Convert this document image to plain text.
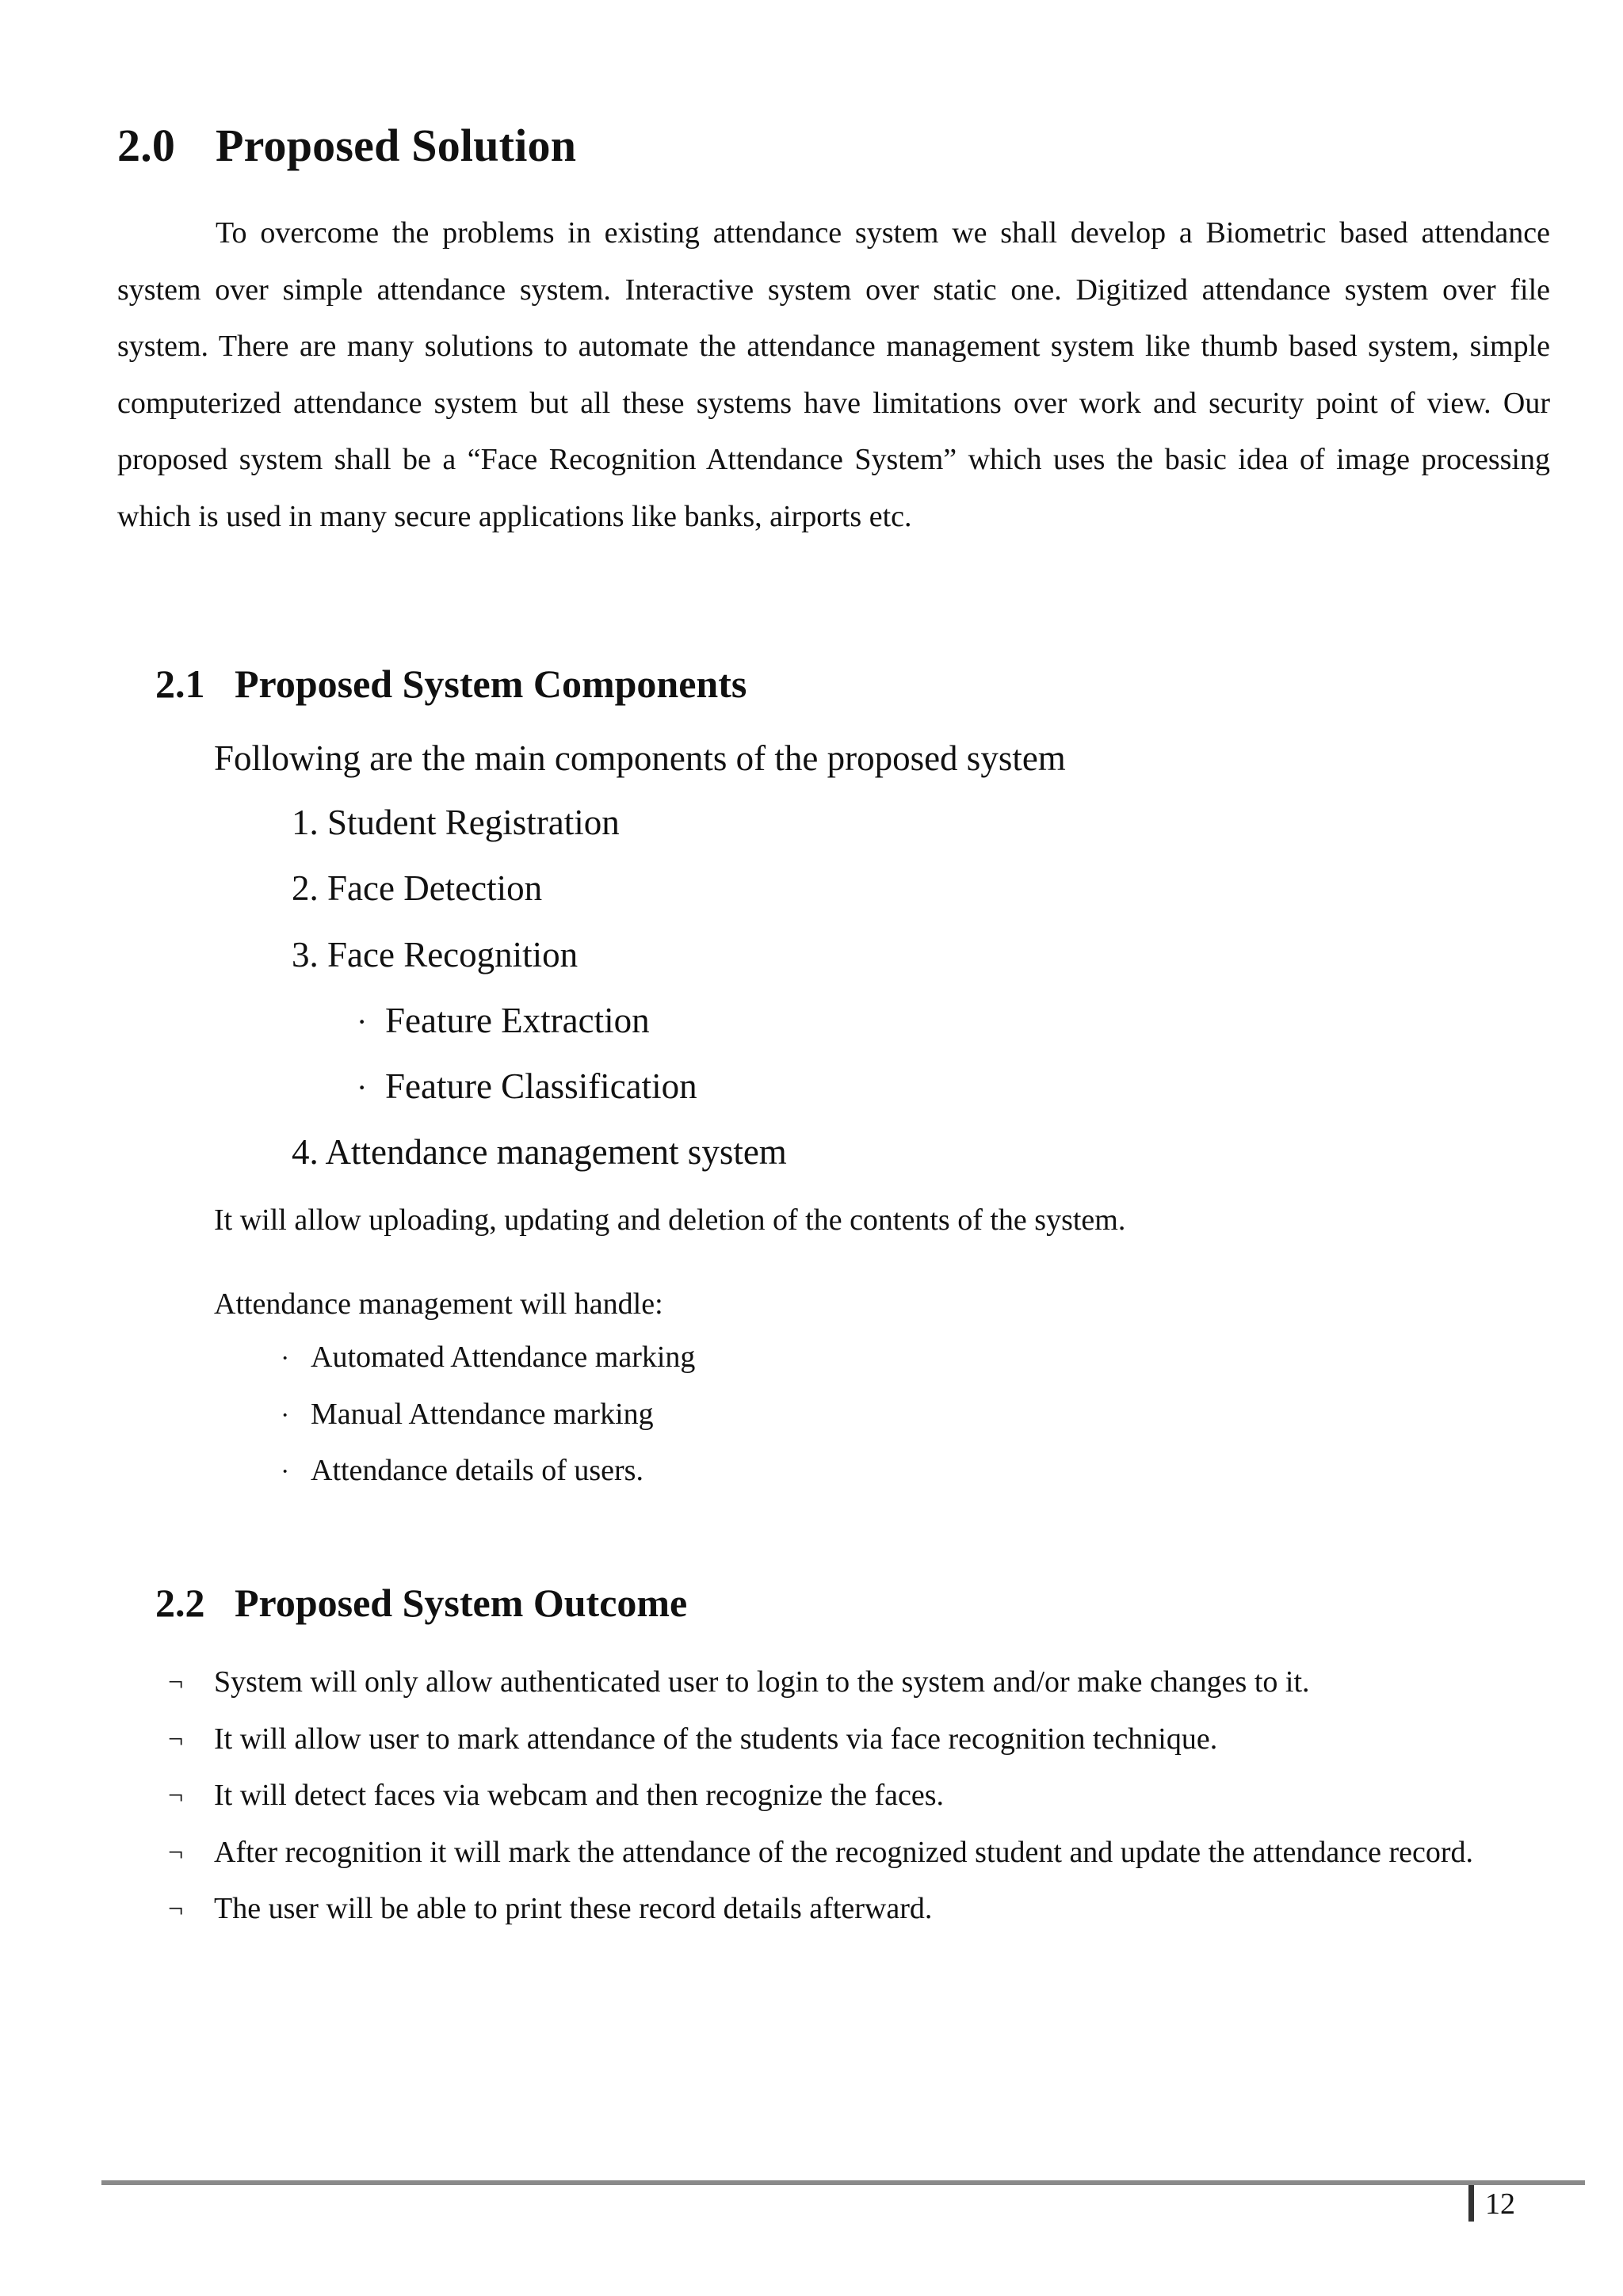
2.0 Proposed Solution

To overcome the problems in existing attendance system we shall develop a Biometric based attendance system over simple attendance system. Interactive system over static one. Digitized attendance system over file system. There are many solutions to automate the attendance management system like thumb based system, simple computerized attendance system but all these systems have limitations over work and security point of view. Our proposed system shall be a “Face Recognition Attendance System” which uses the basic idea of image processing which is used in many secure applications like banks, airports etc.

2.1 Proposed System Components

Following are the main components of the proposed system

1. Student Registration
2. Face Detection
3. Face Recognition
· Feature Extraction
· Feature Classification
4. Attendance management system

It will allow uploading, updating and deletion of the contents of the system.

Attendance management will handle:

· Automated Attendance marking
· Manual Attendance marking
· Attendance details of users.
2.2 Proposed System Outcome
¬ System will only allow authenticated user to login to the system and/or make changes to it.
¬ It will allow user to mark attendance of the students via face recognition technique.
¬ It will detect faces via webcam and then recognize the faces.
¬ After recognition it will mark the attendance of the recognized student and update the attendance record.
¬ The user will be able to print these record details afterward.
12
